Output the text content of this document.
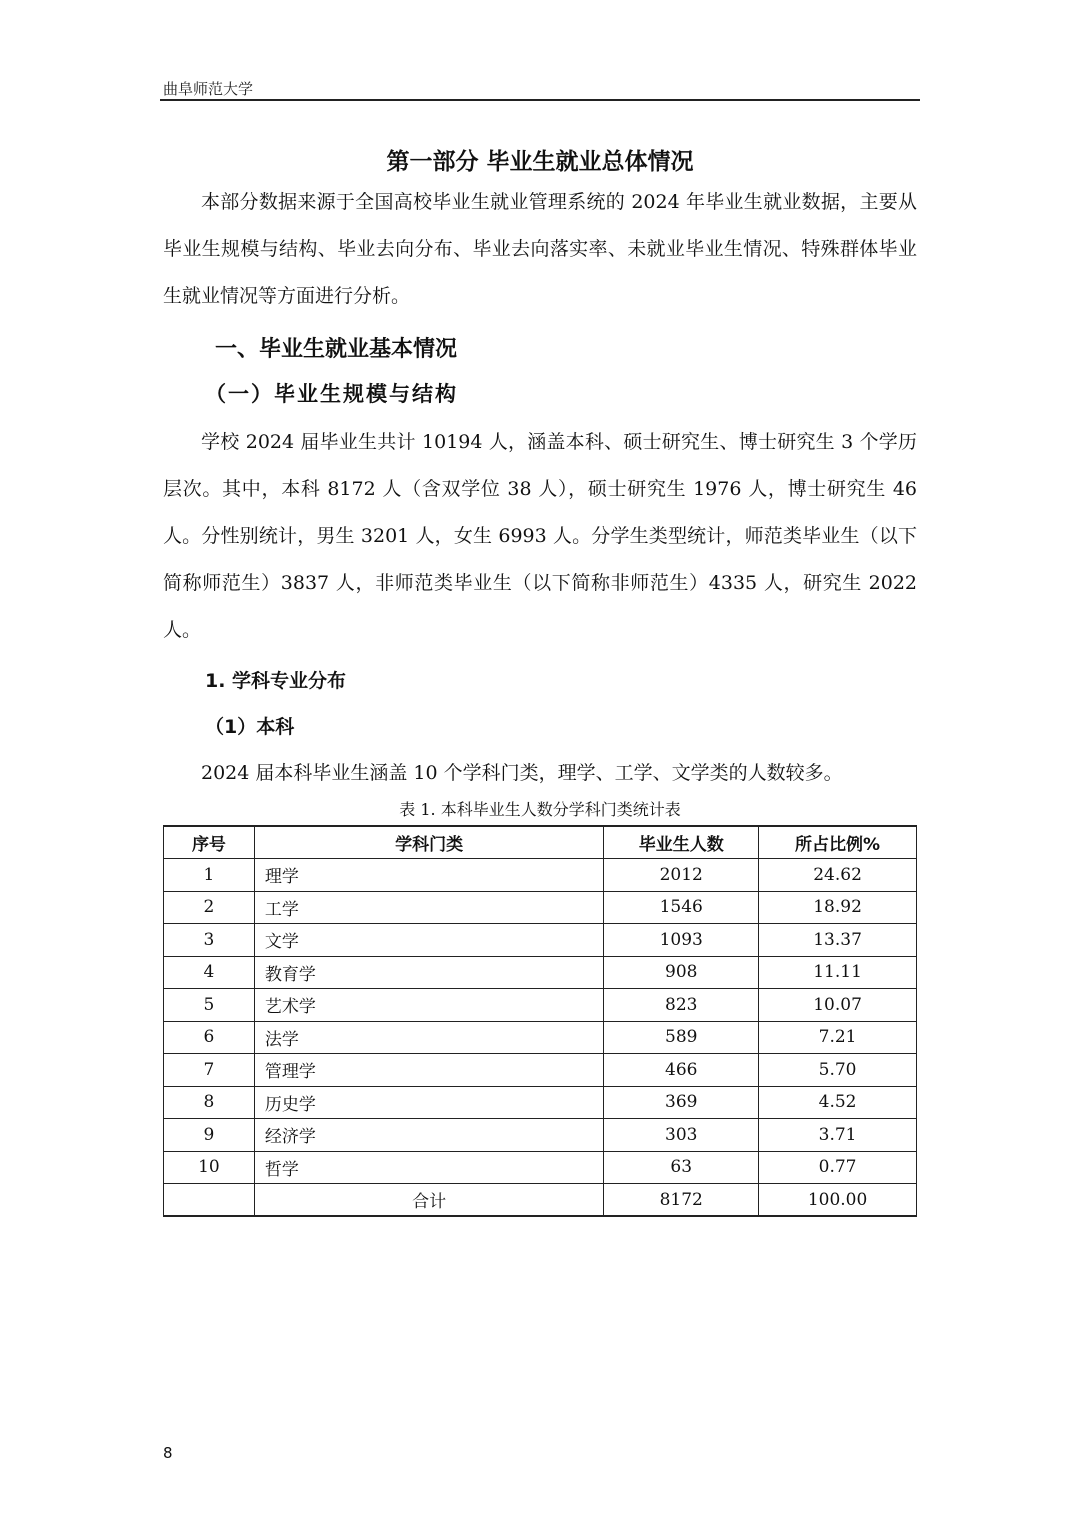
曲阜师范大学
第一部分 毕业生就业总体情况

本部分数据来源于全国高校毕业生就业管理系统的 2024 年毕业生就业数据，主要从毕业生规模与结构、毕业去向分布、毕业去向落实率、未就业毕业生情况、特殊群体毕业生就业情况等方面进行分析。

一、毕业生就业基本情况
（一）毕业生规模与结构

学校 2024 届毕业生共计 10194 人，涵盖本科、硕士研究生、博士研究生 3 个学历层次。其中，本科 8172 人（含双学位 38 人），硕士研究生 1976 人，博士研究生 46 人。分性别统计，男生 3201 人，女生 6993 人。分学生类型统计，师范类毕业生（以下简称师范生）3837 人，非师范类毕业生（以下简称非师范生）4335 人，研究生 2022 人。

1. 学科专业分布
（1）本科

2024 届本科毕业生涵盖 10 个学科门类，理学、工学、文学类的人数较多。

表 1. 本科毕业生人数分学科门类统计表
序号	学科门类	毕业生人数	所占比例%
1	理学	2012	24.62
2	工学	1546	18.92
3	文学	1093	13.37
4	教育学	908	11.11
5	艺术学	823	10.07
6	法学	589	7.21
7	管理学	466	5.70
8	历史学	369	4.52
9	经济学	303	3.71
10	哲学	63	0.77
	合计	8172	100.00
8
